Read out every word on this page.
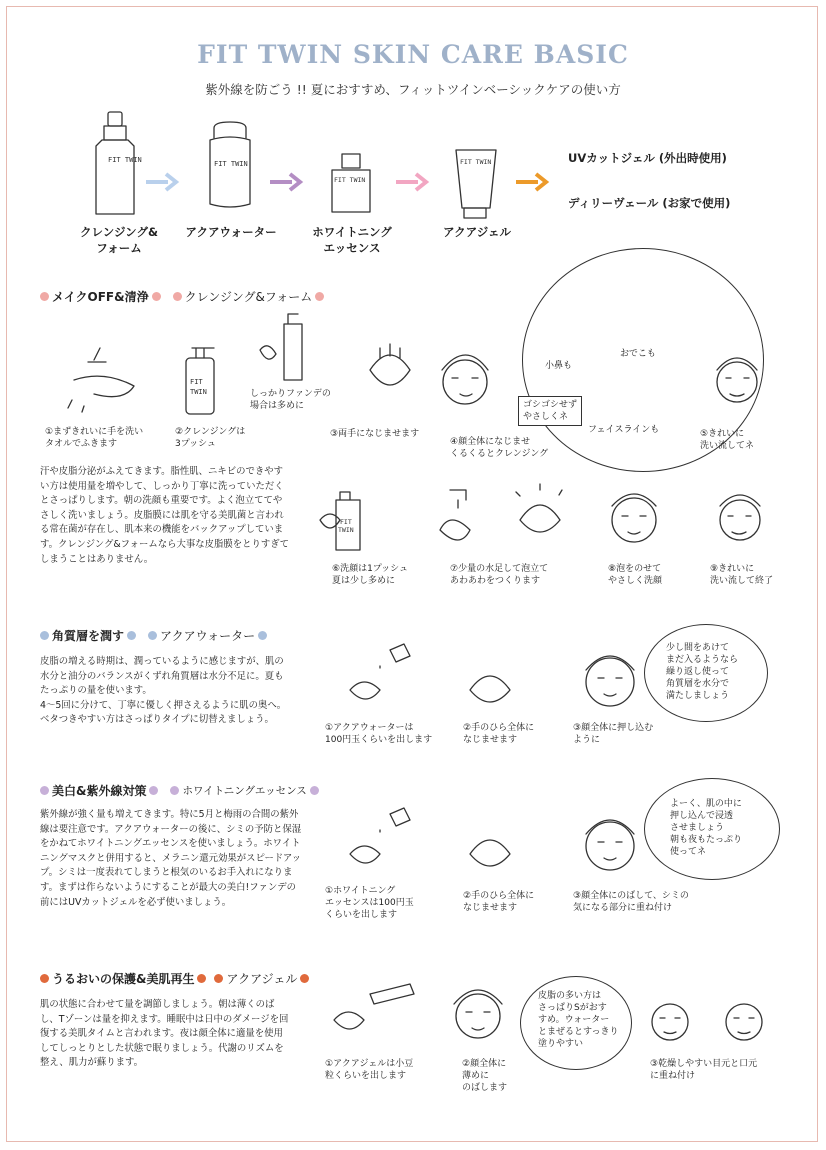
FIT TWIN SKIN CARE BASIC
紫外線を防ごう !! 夏におすすめ、フィットツインベーシックケアの使い方
FIT TWIN	FIT TWIN
FIT TWIN
FIT TWIN
クレンジング&
フォーム
アクアウォーター	ホワイトニング
エッセンス
アクアジェル
UVカットジェル (外出時使用)
ディリーヴェール (お家で使用)
メイクOFF&清浄	クレンジング&フォーム
小鼻も
おでこも
フェイスラインも
ゴシゴシせず
やさしくネ
FIT
TWIN	しっかりファンデの
場合は多めに
①まずきれいに手を洗い
タオルでふきます
②クレンジングは
3プッシュ
③両手になじませます
④顔全体になじませ
くるくるとクレンジング
⑤きれいに
洗い流してネ
汗や皮脂分泌がふえてきます。脂性肌、ニキビのできやすい方は使用量を増やして、しっかり丁寧に洗っていただくとさっぱりします。朝の洗顔も重要です。よく泡立ててやさしく洗いましょう。皮脂膜には肌を守る美肌菌と言われる常在菌が存在し、肌本来の機能をバックアップしています。クレンジング&フォームなら大事な皮脂膜をとりすぎてしまうことはありません。
FIT
TWIN
⑥洗顔は1プッシュ
夏は少し多めに
⑦少量の水足して泡立て
あわあわをつくります
⑧泡をのせて
やさしく洗顔
⑨きれいに
洗い流して終了
角質層を潤す	アクアウォーター
皮脂の増える時期は、潤っているように感じますが、肌の水分と油分のバランスがくずれ角質層は水分不足に。夏もたっぷりの量を使います。
4〜5回に分けて、丁寧に優しく押さえるように肌の奥へ。ベタつきやすい方はさっぱりタイプに切替えましょう。
少し間をあけて
まだ入るようなら
繰り返し使って
角質層を水分で
満たしましょう
①アクアウォーターは
100円玉くらいを出します
②手のひら全体に
なじませます
③顔全体に押し込む
ように
美白&紫外線対策	ホワイトニングエッセンス
紫外線が強く量も増えてきます。特に5月と梅雨の合間の紫外線は要注意です。アクアウォーターの後に、シミの予防と保湿をかねてホワイトニングエッセンスを使いましょう。ホワイトニングマスクと併用すると、メラニン還元効果がスピードアップ。シミは一度表れてしまうと根気のいるお手入れになります。まずは作らないようにすることが最大の美白!ファンデの前にはUVカットジェルを必ず使いましょう。
よーく、肌の中に
押し込んで浸透
させましょう
朝も夜もたっぷり
使ってネ
①ホワイトニング
エッセンスは100円玉
くらいを出します
②手のひら全体に
なじませます
③顔全体にのばして、シミの
気になる部分に重ね付け
うるおいの保護&美肌再生	アクアジェル
肌の状態に合わせて量を調節しましょう。朝は薄くのばし、Tゾーンは量を抑えます。睡眠中は日中のダメージを回復する美肌タイムと言われます。夜は顔全体に適量を使用してしっとりとした状態で眠りましょう。代謝のリズムを整え、肌力が蘇ります。
皮脂の多い方は
さっぱりSがおす
すめ。ウォーター
とまぜるとすっきり
塗りやすい
①アクアジェルは小豆
粒くらいを出します
②顔全体に
薄めに
のばします
③乾燥しやすい目元と口元
に重ね付け
